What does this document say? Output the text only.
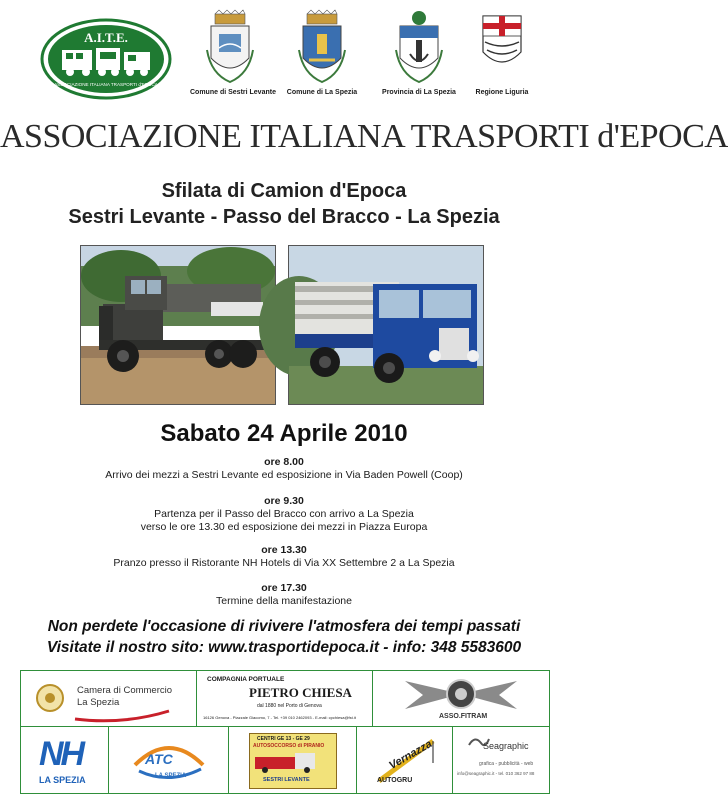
A.I.T.E.
ASSOCIAZIONE ITALIANA TRASPORTI d'EPOCA
Comune di Sestri Levante	Comune di La Spezia	Provincia di La Spezia	Regione Liguria
ASSOCIAZIONE ITALIANA TRASPORTI d'EPOCA
Sfilata di Camion d'Epoca
Sestri Levante - Passo del Bracco - La Spezia
Sabato 24 Aprile 2010
ore 8.00
Arrivo dei mezzi a Sestri Levante ed esposizione in Via Baden Powell (Coop)
ore 9.30
Partenza per il Passo del Bracco con arrivo a La Spezia
verso le ore 13.30 ed esposizione dei mezzi in Piazza Europa
ore 13.30
Pranzo presso il Ristorante NH Hotels di Via XX Settembre 2 a La Spezia
ore 17.30
Termine della manifestazione
Non perdete l'occasione di rivivere l'atmosfera dei tempi passati
Visitate il nostro sito: www.trasportidepoca.it - info: 348 5583600
Camera di Commercio
La Spezia
COMPAGNIA PORTUALE
PIETRO CHIESA
dal 1880 nel Porto di Genova
16126 Genova - Piazzale Giacomo, 7 - Tel. +39 010 2462093 - E-mail: cpchiesa@fst.it	ASSO.FITRAM
NH
LA SPEZIA
ATC
LA SPEZIA
CENTRI GE 13 - GE 29
AUTOSOCCORSO di PIRANIO
SESTRI LEVANTE
Vernazza
AUTOGRU
Seagraphic
grafica - pubblicità - web
info@seagraphic.it - tel. 010 362 97 88
